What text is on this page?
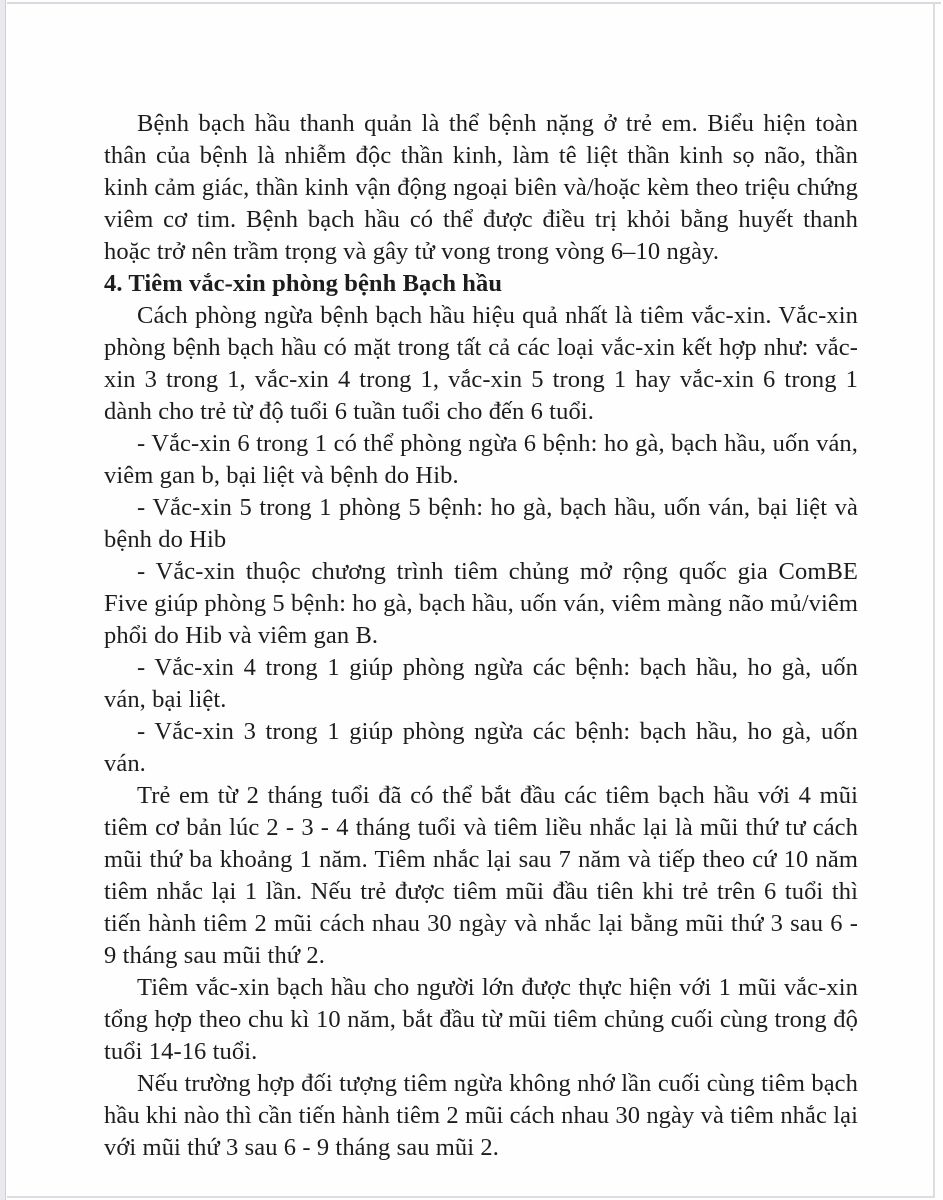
Bệnh bạch hầu thanh quản là thể bệnh nặng ở trẻ em. Biểu hiện toàn thân của bệnh là nhiễm độc thần kinh, làm tê liệt thần kinh sọ não, thần kinh cảm giác, thần kinh vận động ngoại biên và/hoặc kèm theo triệu chứng viêm cơ tim. Bệnh bạch hầu có thể được điều trị khỏi bằng huyết thanh hoặc trở nên trầm trọng và gây tử vong trong vòng 6–10 ngày.

4. Tiêm vắc-xin phòng bệnh Bạch hầu

Cách phòng ngừa bệnh bạch hầu hiệu quả nhất là tiêm vắc-xin. Vắc-xin phòng bệnh bạch hầu có mặt trong tất cả các loại vắc-xin kết hợp như: vắc-xin 3 trong 1, vắc-xin 4 trong 1, vắc-xin 5 trong 1 hay vắc-xin 6 trong 1 dành cho trẻ từ độ tuổi 6 tuần tuổi cho đến 6 tuổi.

- Vắc-xin 6 trong 1 có thể phòng ngừa 6 bệnh: ho gà, bạch hầu, uốn ván, viêm gan b, bại liệt và bệnh do Hib.

- Vắc-xin 5 trong 1 phòng 5 bệnh: ho gà, bạch hầu, uốn ván, bại liệt và bệnh do Hib

- Vắc-xin thuộc chương trình tiêm chủng mở rộng quốc gia ComBE Five giúp phòng 5 bệnh: ho gà, bạch hầu, uốn ván, viêm màng não mủ/viêm phổi do Hib và viêm gan B.

- Vắc-xin 4 trong 1 giúp phòng ngừa các bệnh: bạch hầu, ho gà, uốn ván, bại liệt.

- Vắc-xin 3 trong 1 giúp phòng ngừa các bệnh: bạch hầu, ho gà, uốn ván.

Trẻ em từ 2 tháng tuổi đã có thể bắt đầu các tiêm bạch hầu với 4 mũi tiêm cơ bản lúc 2 - 3 - 4 tháng tuổi và tiêm liều nhắc lại là mũi thứ tư cách mũi thứ ba khoảng 1 năm. Tiêm nhắc lại sau 7 năm và tiếp theo cứ 10 năm tiêm nhắc lại 1 lần. Nếu trẻ được tiêm mũi đầu tiên khi trẻ trên 6 tuổi thì tiến hành tiêm 2 mũi cách nhau 30 ngày và nhắc lại bằng mũi thứ 3 sau 6 - 9 tháng sau mũi thứ 2.

Tiêm vắc-xin bạch hầu cho người lớn được thực hiện với 1 mũi vắc-xin tổng hợp theo chu kì 10 năm, bắt đầu từ mũi tiêm chủng cuối cùng trong độ tuổi 14-16 tuổi.

Nếu trường hợp đối tượng tiêm ngừa không nhớ lần cuối cùng tiêm bạch hầu khi nào thì cần tiến hành tiêm 2 mũi cách nhau 30 ngày và tiêm nhắc lại với mũi thứ 3 sau 6 - 9 tháng sau mũi 2.
